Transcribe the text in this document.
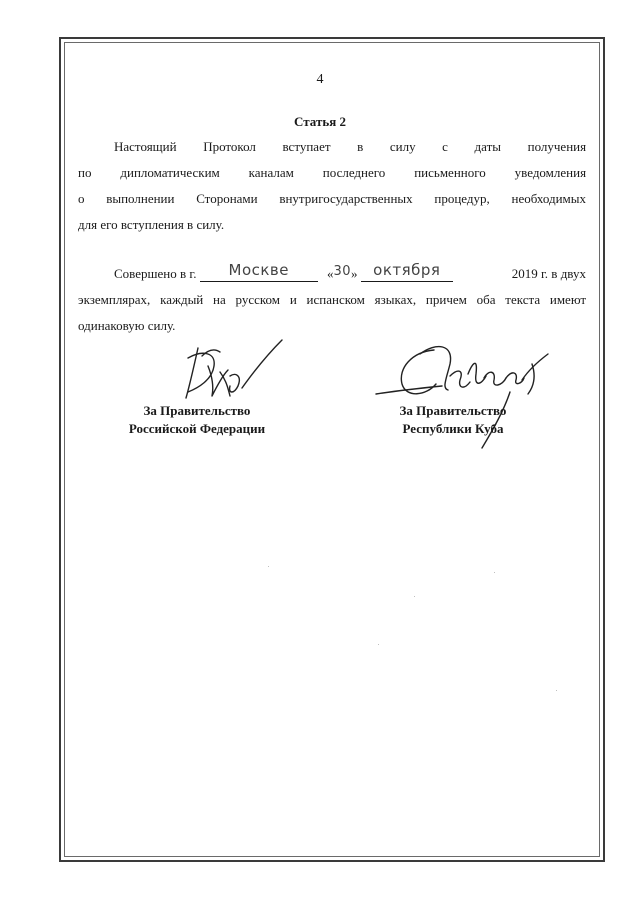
4
Статья 2
Настоящий Протокол вступает в силу с даты получения
по дипломатическим каналам последнего письменного уведомления
о выполнении Сторонами внутригосударственных процедур, необходимых
для его вступления в силу.
Совершено в г. Москве	«30» октября	2019 г. в двух
экземплярах, каждый на русском и испанском языках, причем оба текста имеют
одинаковую силу.
За Правительство
Российской Федерации
За Правительство
Республики Куба
